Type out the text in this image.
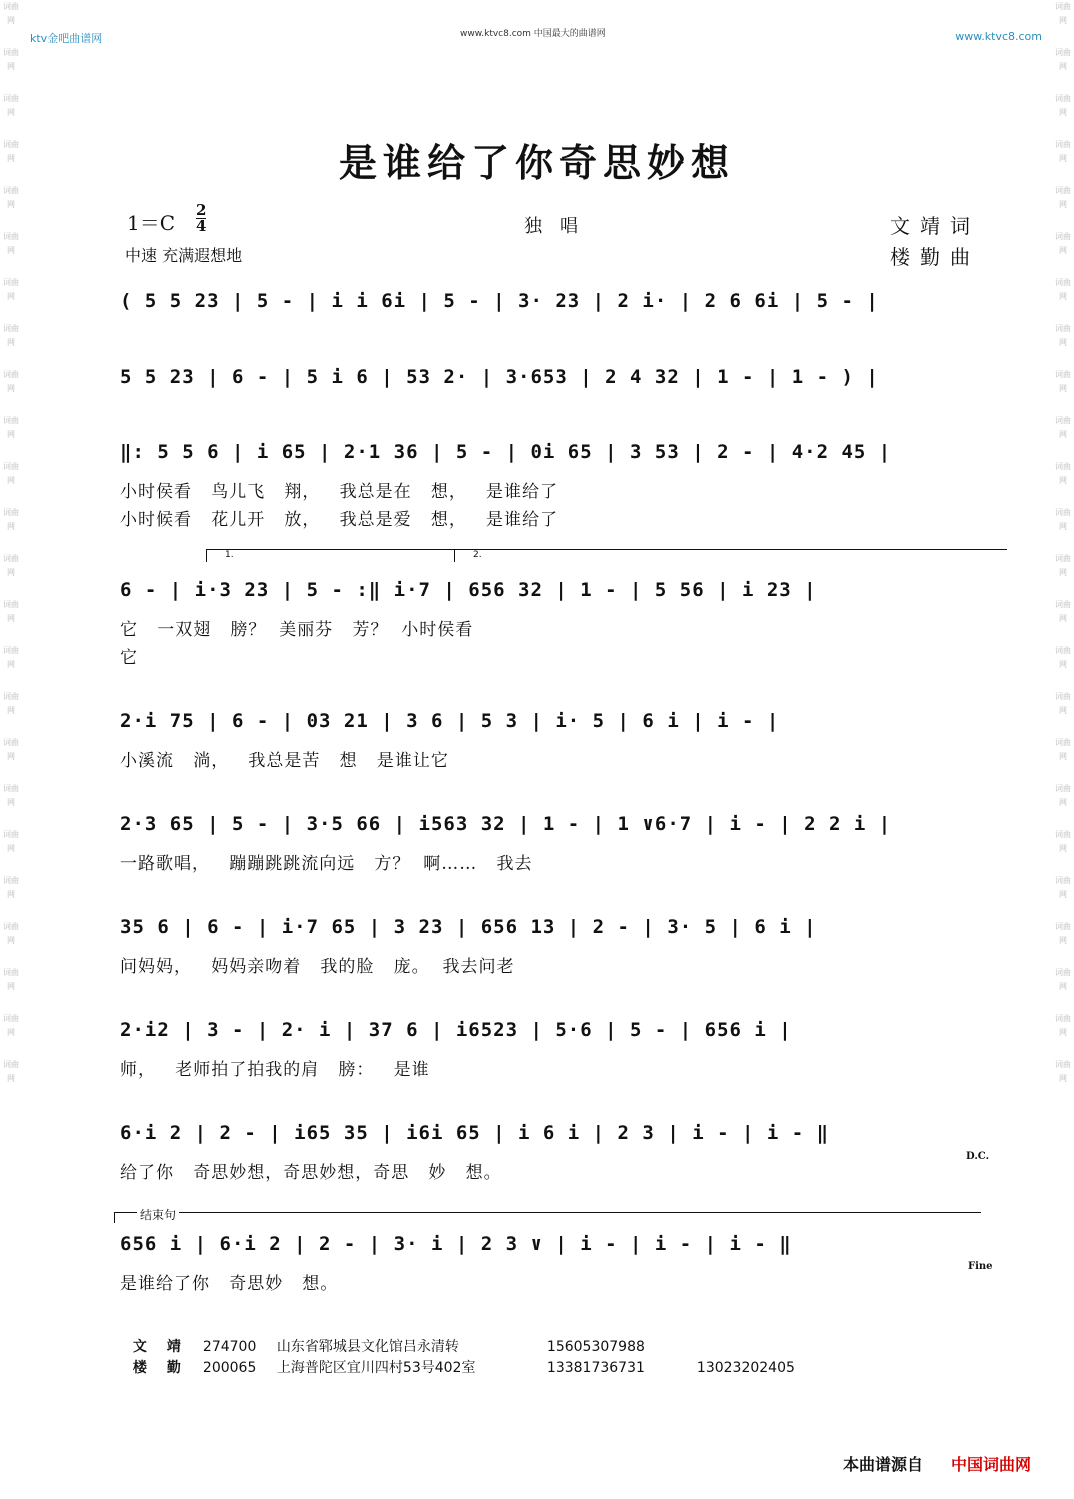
词曲网
词曲网
词曲网
词曲网
词曲网
词曲网
词曲网
词曲网
词曲网
词曲网
词曲网
词曲网
词曲网
词曲网
词曲网
词曲网
词曲网
词曲网
词曲网
词曲网
词曲网
词曲网
词曲网
词曲网
词曲网
词曲网
词曲网
词曲网
词曲网
词曲网
词曲网
词曲网
词曲网
词曲网
词曲网
词曲网
词曲网
词曲网
词曲网
词曲网
词曲网
词曲网
词曲网
词曲网
词曲网
词曲网
词曲网
词曲网
ktv金吧曲谱网	www.ktvc8.com 中国最大的曲谱网	www.ktvc8.com
是谁给了你奇思妙想
1＝C
2
4
中速 充满遐想地
独唱	文靖词
楼勤曲
( 5 5 23 | 5 - | i i 6i | 5 - | 3· 23 | 2 i· | 2 6 6i | 5 - |
5 5 23 | 6 - | 5 i 6 | 53 2· | 3·653 | 2 4 32 | 1 - | 1 - ) |
‖: 5 5 6 | i 65 | 2·1 36 | 5 - | 0i 65 | 3 53 | 2 - | 4·2 45 |
小时侯看   鸟儿飞   翔，   我总是在   想，   是谁给了
小时候看   花儿开   放，   我总是爱   想，   是谁给了
1.	2.
6 - | i·3 23 | 5 - :‖ i·7 | 656 32 | 1 - | 5 56 | i 23 |
它   一双翅   膀？  美丽芬   芳？  小时侯看
它
2·i 75 | 6 - | 03 21 | 3 6 | 5 3 | i· 5 | 6 i | i - |
小溪流   淌，   我总是苦   想   是谁让它
2·3 65 | 5 - | 3·5 66 | i563 32 | 1 - | 1 ∨6·7 | i - | 2 2 i |
一路歌唱，   蹦蹦跳跳流向远   方？  啊……   我去
35 6 | 6 - | i·7 65 | 3 23 | 656 13 | 2 - | 3· 5 | 6 i |
问妈妈，   妈妈亲吻着   我的脸   庞。  我去问老
2·i2 | 3 - | 2· i | 37 6 | i6523 | 5·6 | 5 - | 656 i |
师，   老师拍了拍我的肩   膀：   是谁
6·i 2 | 2 - | i65 35 | i6i 65 | i 6 i | 2 3 | i - | i - ‖
给了你   奇思妙想，奇思妙想，奇思   妙   想。
D.C.
结束句
656 i | 6·i 2 | 2 - | 3· i | 2 3 ∨ | i - | i - | i - ‖
是谁给了你   奇思妙   想。
Fine

文靖 274700 山东省郓城县文化馆吕永清转	15605307988

楼勤 200065 上海普陀区宜川四村53号402室	13381736731	13023202405

本曲谱源自 中国词曲网
